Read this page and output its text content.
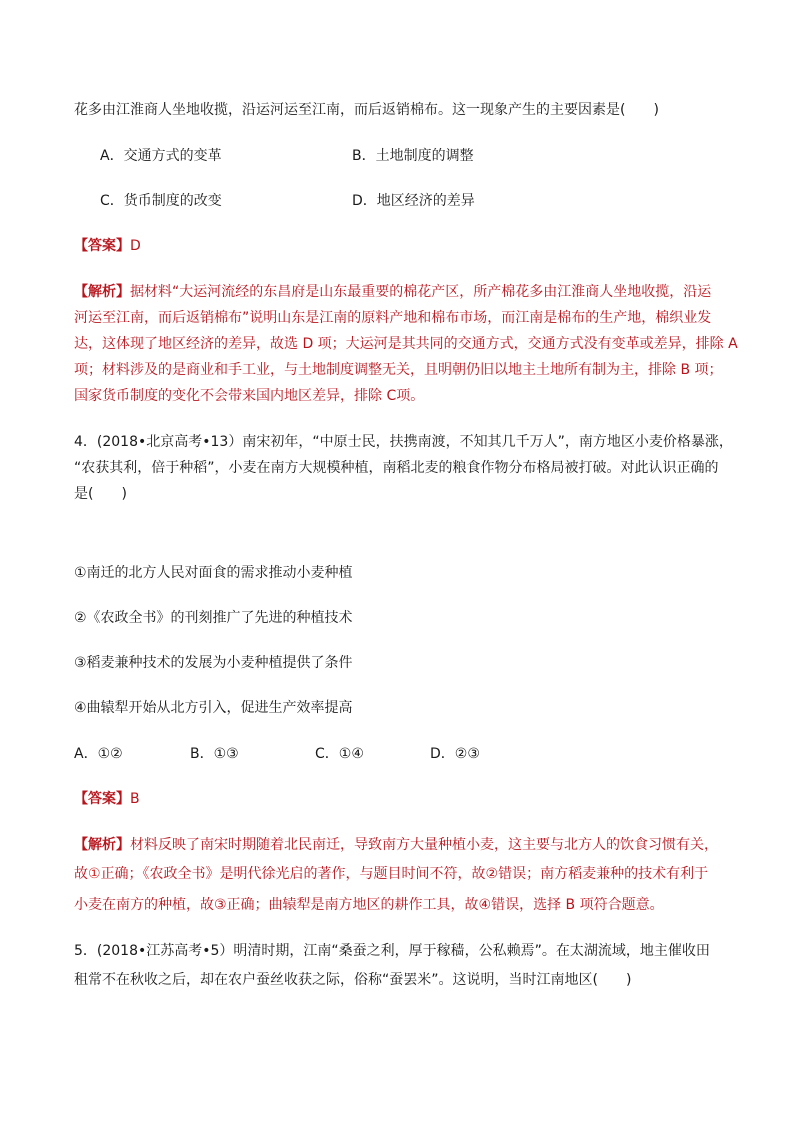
花多由江淮商人坐地收揽，沿运河运至江南，而后返销棉布。这一现象产生的主要因素是(　　)
A．交通方式的变革	B．土地制度的调整
C．货币制度的改变	D．地区经济的差异
【答案】D
【解析】据材料“大运河流经的东昌府是山东最重要的棉花产区，所产棉花多由江淮商人坐地收揽，沿运
河运至江南，而后返销棉布”说明山东是江南的原料产地和棉布市场，而江南是棉布的生产地，棉织业发
达，这体现了地区经济的差异，故选 D 项；大运河是其共同的交通方式，交通方式没有变革或差异，排除 A
项；材料涉及的是商业和手工业，与土地制度调整无关，且明朝仍旧以地主土地所有制为主，排除 B 项；
国家货币制度的变化不会带来国内地区差异，排除 C项。
4．(2018•北京高考•13）南宋初年，“中原士民，扶携南渡，不知其几千万人”，南方地区小麦价格暴涨，
“农获其利，倍于种稻”，小麦在南方大规模种植，南稻北麦的粮食作物分布格局被打破。对此认识正确的
是(　　)
①南迁的北方人民对面食的需求推动小麦种植
②《农政全书》的刊刻推广了先进的种植技术
③稻麦兼种技术的发展为小麦种植提供了条件
④曲辕犁开始从北方引入，促进生产效率提高
A．①②	B．①③	C．①④	D．②③
【答案】B
【解析】材料反映了南宋时期随着北民南迁，导致南方大量种植小麦，这主要与北方人的饮食习惯有关，
故①正确；《农政全书》是明代徐光启的著作，与题目时间不符，故②错误；南方稻麦兼种的技术有利于
小麦在南方的种植，故③正确；曲辕犁是南方地区的耕作工具，故④错误，选择 B 项符合题意。
5．(2018•江苏高考•5）明清时期，江南“桑蚕之利，厚于稼穑，公私赖焉”。在太湖流域，地主催收田
租常不在秋收之后，却在农户蚕丝收获之际，俗称“蚕罢米”。这说明，当时江南地区(　　)
